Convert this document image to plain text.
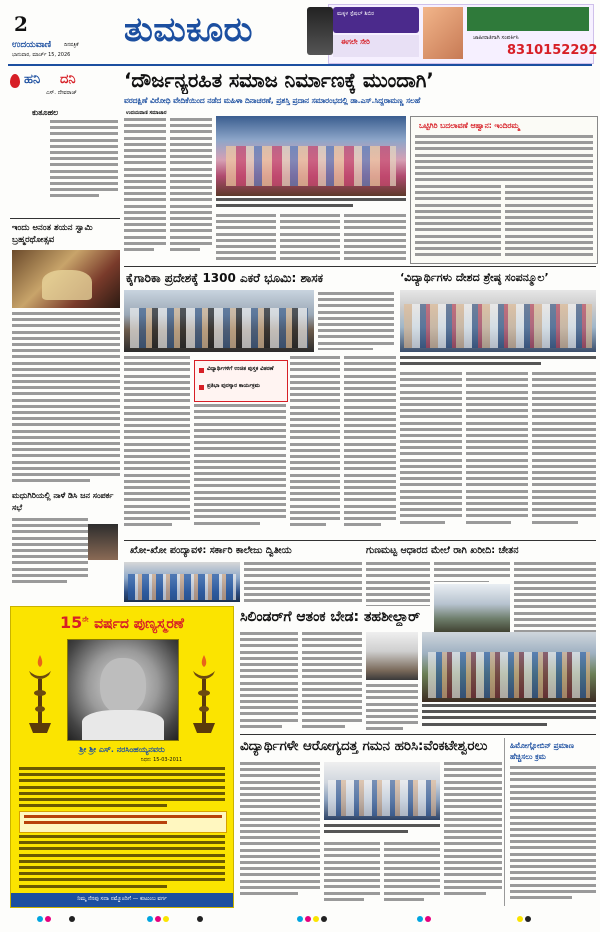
2
ಉದಯವಾಣಿ	ದಿನಪತ್ರಿಕೆ
ಭಾನುವಾರ, ಮಾರ್ಚ್ 15, 2026
ತುಮಕೂರು	ಮಕ್ಕಳ ಸ್ಪೆಷಲ್ ಶಿಬಿರ
ಈಗಲೇ ಸೇರಿ	ಜಾಹೀರಾತಿಗಾಗಿ ಸಂಪರ್ಕಿಸಿ
8310152292
ಹನಿ ದನಿ
ಎಸ್. ದೇವರಾಜ್
ಕುತೂಹಲ
ಇಂದು ಅನಂತ ಶಯನ ಸ್ವಾಮಿ ಬ್ರಹ್ಮರಥೋತ್ಸವ
ಮಧುಗಿರಿಯಲ್ಲಿ ನಾಳೆ ಡಿಸಿ ಜನ ಸಂಪರ್ಕ ಸಭೆ
‘ದೌರ್ಜನ್ಯರಹಿತ ಸಮಾಜ ನಿರ್ಮಾಣಕ್ಕೆ ಮುಂದಾಗಿ’
ವರದಕ್ಷಿಣೆ ವಿರೋಧಿ ವೇದಿಕೆಯಿಂದ ನಡೆದ ಮಹಿಳಾ ದಿನಾಚರಣೆ, ಪ್ರಶಸ್ತಿ ಪ್ರದಾನ ಸಮಾರಂಭದಲ್ಲಿ ಡಾ.ಎಸ್.ಸಿದ್ದರಾಮಣ್ಣ ಸಲಹೆ
ಉದಯವಾಣಿ ಸಮಾಚಾರ
ಒಟ್ಟಿಗಿರಿ ಬದಲಾವಣೆ ಆಹ್ವಾನ: ಇಂದಿರಮ್ಮ
ಕೈಗಾರಿಕಾ ಪ್ರದೇಶಕ್ಕೆ 1300 ಎಕರೆ ಭೂಮಿ: ಶಾಸಕ
ವಿದ್ಯಾರ್ಥಿಗಳಿಗೆ ಉಚಿತ ಪುಸ್ತಕ ವಿತರಣೆ
ಪ್ರತಿಭಾ ಪುರಸ್ಕಾರ ಕಾರ್ಯಕ್ರಮ
‘ವಿದ್ಯಾರ್ಥಿಗಳು ದೇಶದ ಶ್ರೇಷ್ಠ ಸಂಪನ್ಮೂಲ’
ಖೋ-ಖೋ ಪಂದ್ಯಾವಳಿ: ಸರ್ಕಾರಿ ಕಾಲೇಜು ದ್ವಿತೀಯ	ಗುಣಮಟ್ಟ ಆಧಾರದ ಮೇಲೆ ರಾಗಿ ಖರೀದಿ: ಚೇತನ
$15^{ನೇ}$ ವರ್ಷದ ಪುಣ್ಯಸ್ಮರಣೆ
ಶ್ರೀ ಶ್ರೀ ಎಸ್. ನರಸಿಂಹಯ್ಯನವರು
ನಿಧನ: 15-03-2011
ನಿಮ್ಮ ನೆನಪು ಸದಾ ನಮ್ಮೊಂದಿಗೆ — ಕುಟುಂಬ ವರ್ಗ
ಸಿಲಿಂಡರ್‌ಗೆ ಆತಂಕ ಬೇಡ: ತಹಶೀಲ್ದಾರ್
ವಿದ್ಯಾರ್ಥಿಗಳೇ ಆರೋಗ್ಯದತ್ತ ಗಮನ ಹರಿಸಿ:ವೆಂಕಟೇಶ್ವರಲು	ಹಿಮೋಗ್ಲೋಬಿನ್ ಪ್ರಮಾಣ ಹೆಚ್ಚಿಸಲು ಕ್ರಮ
